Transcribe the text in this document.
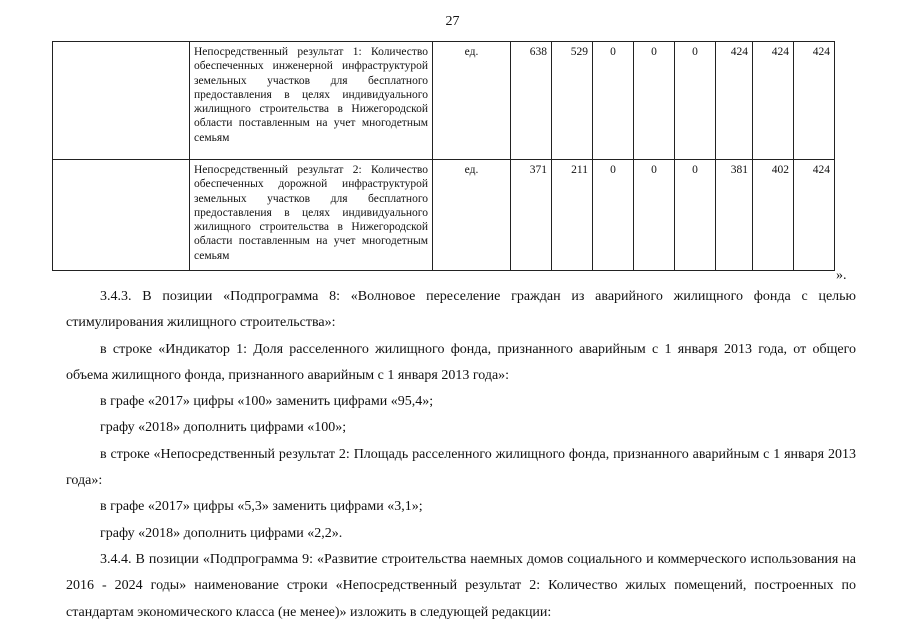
27
	Непосредственный результат 1: Количество обеспеченных инженерной инфраструктурой земельных участков для бесплатного предоставления в целях индивидуального жилищного строительства в Нижегородской области поставленным на учет многодетным семьям	ед.	638	529	0	0	0	424	424	424
	Непосредственный результат 2: Количество обеспеченных дорожной инфраструктурой земельных участков для бесплатного предоставления в целях индивидуального жилищного строительства в Нижегородской области поставленным на учет многодетным семьям	ед.	371	211	0	0	0	381	402	424
».

3.4.3. В позиции «Подпрограмма 8: «Волновое переселение граждан из аварийного жилищного фонда с целью стимулирования жилищного строительства»:

в строке «Индикатор 1: Доля расселенного жилищного фонда, признанного аварийным с 1 января 2013 года, от общего объема жилищного фонда, признанного аварийным с 1 января 2013 года»:

в графе «2017» цифры «100» заменить цифрами «95,4»;

графу «2018» дополнить цифрами «100»;

в строке «Непосредственный результат 2: Площадь расселенного жилищного фонда, признанного аварийным с 1 января 2013 года»:

в графе «2017» цифры «5,3» заменить цифрами «3,1»;

графу «2018» дополнить цифрами «2,2».

3.4.4. В позиции «Подпрограмма 9: «Развитие строительства наемных домов социального и коммерческого использования на 2016 - 2024 годы» наименование строки «Непосредственный результат 2: Количество жилых помещений, построенных по стандартам экономического класса (не менее)» изложить в следующей редакции:
